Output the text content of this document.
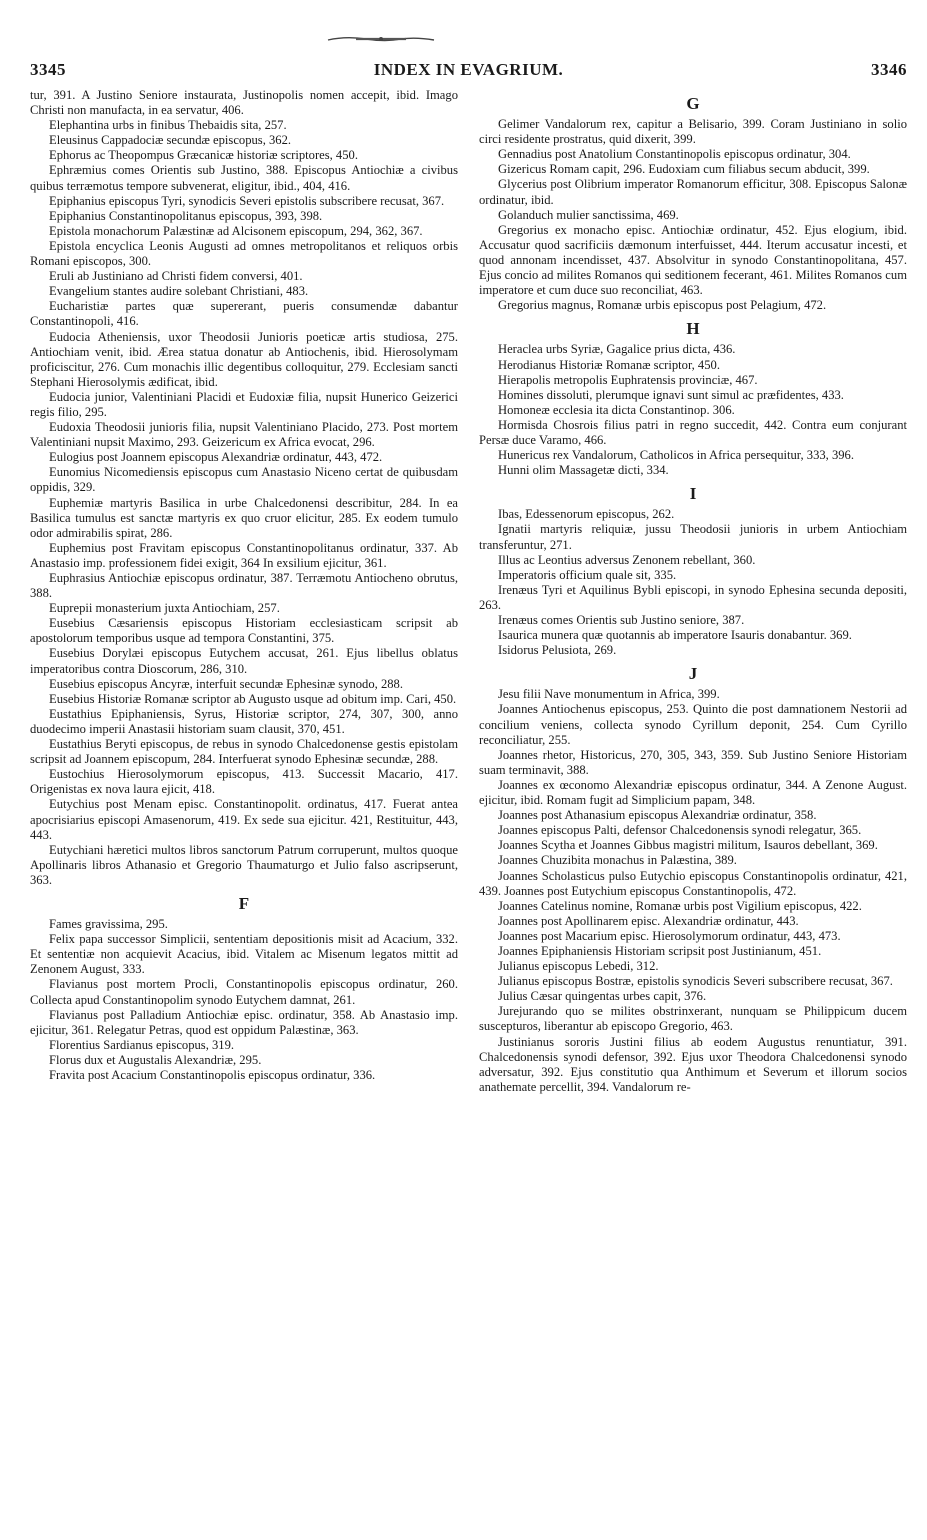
3345	INDEX IN EVAGRIUM.	3346

tur, 391. A Justino Seniore instaurata, Justinopolis nomen accepit, ibid. Imago Christi non manufacta, in ea servatur, 406.

Elephantina urbs in finibus Thebaidis sita, 257.

Eleusinus Cappadociæ secundæ episcopus, 362.

Ephorus ac Theopompus Græcanicæ historiæ scriptores, 450.

Ephræmius comes Orientis sub Justino, 388. Episcopus Antiochiæ a civibus quibus terræmotus tempore subvenerat, eligitur, ibid., 404, 416.

Epiphanius episcopus Tyri, synodicis Severi epistolis subscribere recusat, 367.

Epiphanius Constantinopolitanus episcopus, 393, 398.

Epistola monachorum Palæstinæ ad Alcisonem episcopum, 294, 362, 367.

Epistola encyclica Leonis Augusti ad omnes metropolitanos et reliquos orbis Romani episcopos, 300.

Eruli ab Justiniano ad Christi fidem conversi, 401.

Evangelium stantes audire solebant Christiani, 483.

Eucharistiæ partes quæ supererant, pueris consumendæ dabantur Constantinopoli, 416.

Eudocia Atheniensis, uxor Theodosii Junioris poeticæ artis studiosa, 275. Antiochiam venit, ibid. Ærea statua donatur ab Antiochenis, ibid. Hierosolymam proficiscitur, 276. Cum monachis illic degentibus colloquitur, 279. Ecclesiam sancti Stephani Hierosolymis ædificat, ibid.

Eudocia junior, Valentiniani Placidi et Eudoxiæ filia, nupsit Hunerico Geizerici regis filio, 295.

Eudoxia Theodosii junioris filia, nupsit Valentiniano Placido, 273. Post mortem Valentiniani nupsit Maximo, 293. Geizericum ex Africa evocat, 296.

Eulogius post Joannem episcopus Alexandriæ ordinatur, 443, 472.

Eunomius Nicomediensis episcopus cum Anastasio Niceno certat de quibusdam oppidis, 329.

Euphemiæ martyris Basilica in urbe Chalcedonensi describitur, 284. In ea Basilica tumulus est sanctæ martyris ex quo cruor elicitur, 285. Ex eodem tumulo odor admirabilis spirat, 286.

Euphemius post Fravitam episcopus Constantinopolitanus ordinatur, 337. Ab Anastasio imp. professionem fidei exigit, 364 In exsilium ejicitur, 361.

Euphrasius Antiochiæ episcopus ordinatur, 387. Terræmotu Antiocheno obrutus, 388.

Euprepii monasterium juxta Antiochiam, 257.

Eusebius Cæsariensis episcopus Historiam ecclesiasticam scripsit ab apostolorum temporibus usque ad tempora Constantini, 375.

Eusebius Dorylæi episcopus Eutychem accusat, 261. Ejus libellus oblatus imperatoribus contra Dioscorum, 286, 310.

Eusebius episcopus Ancyræ, interfuit secundæ Ephesinæ synodo, 288.

Eusebius Historiæ Romanæ scriptor ab Augusto usque ad obitum imp. Cari, 450.

Eustathius Epiphaniensis, Syrus, Historiæ scriptor, 274, 307, 300, anno duodecimo imperii Anastasii historiam suam clausit, 370, 451.

Eustathius Beryti episcopus, de rebus in synodo Chalcedonense gestis epistolam scripsit ad Joannem episcopum, 284. Interfuerat synodo Ephesinæ secundæ, 288.

Eustochius Hierosolymorum episcopus, 413. Successit Macario, 417. Origenistas ex nova laura ejicit, 418.

Eutychius post Menam episc. Constantinopolit. ordinatus, 417. Fuerat antea apocrisiarius episcopi Amasenorum, 419. Ex sede sua ejicitur. 421, Restituitur, 443, 443.

Eutychiani hæretici multos libros sanctorum Patrum corruperunt, multos quoque Apollinaris libros Athanasio et Gregorio Thaumaturgo et Julio falso ascripserunt, 363.

F

Fames gravissima, 295.

Felix papa successor Simplicii, sententiam depositionis misit ad Acacium, 332. Et sententiæ non acquievit Acacius, ibid. Vitalem ac Misenum legatos mittit ad Zenonem August, 333.

Flavianus post mortem Procli, Constantinopolis episcopus ordinatur, 260. Collecta apud Constantinopolim synodo Eutychem damnat, 261.

Flavianus post Palladium Antiochiæ episc. ordinatur, 358. Ab Anastasio imp. ejicitur, 361. Relegatur Petras, quod est oppidum Palæstinæ, 363.

Florentius Sardianus episcopus, 319.

Florus dux et Augustalis Alexandriæ, 295.

Fravita post Acacium Constantinopolis episcopus ordinatur, 336.

G

Gelimer Vandalorum rex, capitur a Belisario, 399. Coram Justiniano in solio circi residente prostratus, quid dixerit, 399.

Gennadius post Anatolium Constantinopolis episcopus ordinatur, 304.

Gizericus Romam capit, 296. Eudoxiam cum filiabus secum abducit, 399.

Glycerius post Olibrium imperator Romanorum efficitur, 308. Episcopus Salonæ ordinatur, ibid.

Golanduch mulier sanctissima, 469.

Gregorius ex monacho episc. Antiochiæ ordinatur, 452. Ejus elogium, ibid. Accusatur quod sacrificiis dæmonum interfuisset, 444. Iterum accusatur incesti, et quod annonam incendisset, 437. Absolvitur in synodo Constantinopolitana, 457. Ejus concio ad milites Romanos qui seditionem fecerant, 461. Milites Romanos cum imperatore et cum duce suo reconciliat, 463.

Gregorius magnus, Romanæ urbis episcopus post Pelagium, 472.

H

Heraclea urbs Syriæ, Gagalice prius dicta, 436.

Herodianus Historiæ Romanæ scriptor, 450.

Hierapolis metropolis Euphratensis provinciæ, 467.

Homines dissoluti, plerumque ignavi sunt simul ac præfidentes, 433.

Homoneæ ecclesia ita dicta Constantinop. 306.

Hormisda Chosrois filius patri in regno succedit, 442. Contra eum conjurant Persæ duce Varamo, 466.

Hunericus rex Vandalorum, Catholicos in Africa persequitur, 333, 396.

Hunni olim Massagetæ dicti, 334.

I

Ibas, Edessenorum episcopus, 262.

Ignatii martyris reliquiæ, jussu Theodosii junioris in urbem Antiochiam transferuntur, 271.

Illus ac Leontius adversus Zenonem rebellant, 360.

Imperatoris officium quale sit, 335.

Irenæus Tyri et Aquilinus Bybli episcopi, in synodo Ephesina secunda depositi, 263.

Irenæus comes Orientis sub Justino seniore, 387.

Isaurica munera quæ quotannis ab imperatore Isauris donabantur. 369.

Isidorus Pelusiota, 269.

J

Jesu filii Nave monumentum in Africa, 399.

Joannes Antiochenus episcopus, 253. Quinto die post damnationem Nestorii ad concilium veniens, collecta synodo Cyrillum deponit, 254. Cum Cyrillo reconciliatur, 255.

Joannes rhetor, Historicus, 270, 305, 343, 359. Sub Justino Seniore Historiam suam terminavit, 388.

Joannes ex œconomo Alexandriæ episcopus ordinatur, 344. A Zenone August. ejicitur, ibid. Romam fugit ad Simplicium papam, 348.

Joannes post Athanasium episcopus Alexandriæ ordinatur, 358.

Joannes episcopus Palti, defensor Chalcedonensis synodi relegatur, 365.

Joannes Scytha et Joannes Gibbus magistri militum, Isauros debellant, 369.

Joannes Chuzibita monachus in Palæstina, 389.

Joannes Scholasticus pulso Eutychio episcopus Constantinopolis ordinatur, 421, 439. Joannes post Eutychium episcopus Constantinopolis, 472.

Joannes Catelinus nomine, Romanæ urbis post Vigilium episcopus, 422.

Joannes post Apollinarem episc. Alexandriæ ordinatur, 443.

Joannes post Macarium episc. Hierosolymorum ordinatur, 443, 473.

Joannes Epiphaniensis Historiam scripsit post Justinianum, 451.

Julianus episcopus Lebedi, 312.

Julianus episcopus Bostræ, epistolis synodicis Severi subscribere recusat, 367.

Julius Cæsar quingentas urbes capit, 376.

Jurejurando quo se milites obstrinxerant, nunquam se Philippicum ducem suscepturos, liberantur ab episcopo Gregorio, 463.

Justinianus sororis Justini filius ab eodem Augustus renuntiatur, 391. Chalcedonensis synodi defensor, 392. Ejus uxor Theodora Chalcedonensi synodo adversatur, 392. Ejus constitutio qua Anthimum et Severum et illorum socios anathemate percellit, 394. Vandalorum re-
